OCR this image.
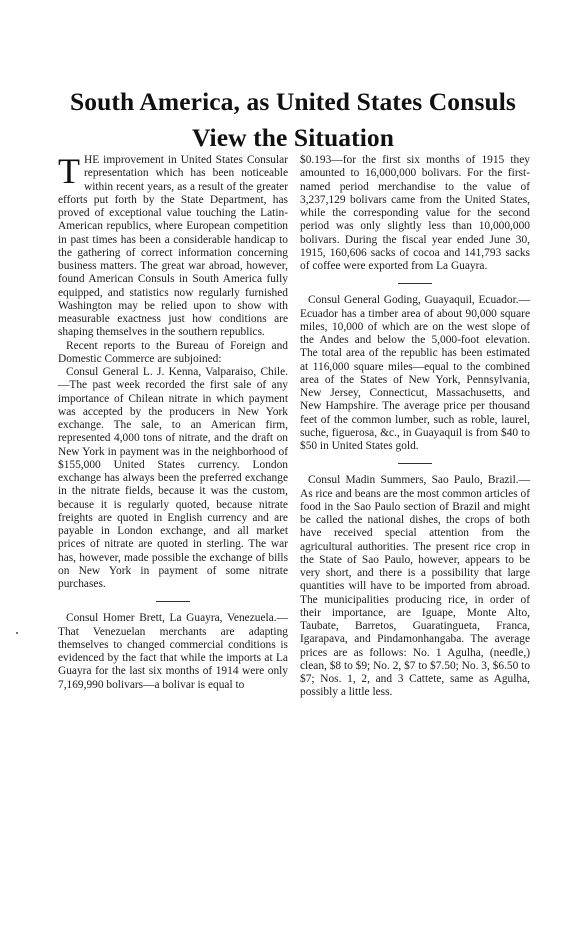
South America, as United States Consuls View the Situation

THE improvement in United States Consular representation which has been noticeable within recent years, as a result of the greater efforts put forth by the State Department, has proved of exceptional value touching the Latin-American republics, where European competition in past times has been a considerable handicap to the gathering of correct information concerning business matters. The great war abroad, however, found American Consuls in South America fully equipped, and statistics now regularly furnished Washington may be relied upon to show with measurable exactness just how conditions are shaping themselves in the southern republics.

Recent reports to the Bureau of Foreign and Domestic Commerce are subjoined:

Consul General L. J. Kenna, Valparaiso, Chile.—The past week recorded the first sale of any importance of Chilean nitrate in which payment was accepted by the producers in New York exchange. The sale, to an American firm, represented 4,000 tons of nitrate, and the draft on New York in payment was in the neighborhood of $155,000 United States currency. London exchange has always been the preferred exchange in the nitrate fields, because it was the custom, because it is regularly quoted, because nitrate freights are quoted in English currency and are payable in London exchange, and all market prices of nitrate are quoted in sterling. The war has, however, made possible the exchange of bills on New York in payment of some nitrate purchases.

Consul Homer Brett, La Guayra, Venezuela.—That Venezuelan merchants are adapting themselves to changed commercial conditions is evidenced by the fact that while the imports at La Guayra for the last six months of 1914 were only 7,169,990 bolivars—a bolivar is equal to

$0.193—for the first six months of 1915 they amounted to 16,000,000 bolivars. For the first-named period merchandise to the value of 3,237,129 bolivars came from the United States, while the corresponding value for the second period was only slightly less than 10,000,000 bolivars. During the fiscal year ended June 30, 1915, 160,606 sacks of cocoa and 141,793 sacks of coffee were exported from La Guayra.

Consul General Goding, Guayaquil, Ecuador.—Ecuador has a timber area of about 90,000 square miles, 10,000 of which are on the west slope of the Andes and below the 5,000-foot elevation. The total area of the republic has been estimated at 116,000 square miles—equal to the combined area of the States of New York, Pennsylvania, New Jersey, Connecticut, Massachusetts, and New Hampshire. The average price per thousand feet of the common lumber, such as roble, laurel, suche, figuerosa, &c., in Guayaquil is from $40 to $50 in United States gold.

Consul Madin Summers, Sao Paulo, Brazil.—As rice and beans are the most common articles of food in the Sao Paulo section of Brazil and might be called the national dishes, the crops of both have received special attention from the agricultural authorities. The present rice crop in the State of Sao Paulo, however, appears to be very short, and there is a possibility that large quantities will have to be imported from abroad. The municipalities producing rice, in order of their importance, are Iguape, Monte Alto, Taubate, Barretos, Guaratingueta, Franca, Igarapava, and Pindamonhangaba. The average prices are as follows: No. 1 Agulha, (needle,) clean, $8 to $9; No. 2, $7 to $7.50; No. 3, $6.50 to $7; Nos. 1, 2, and 3 Cattete, same as Agulha, possibly a little less.
